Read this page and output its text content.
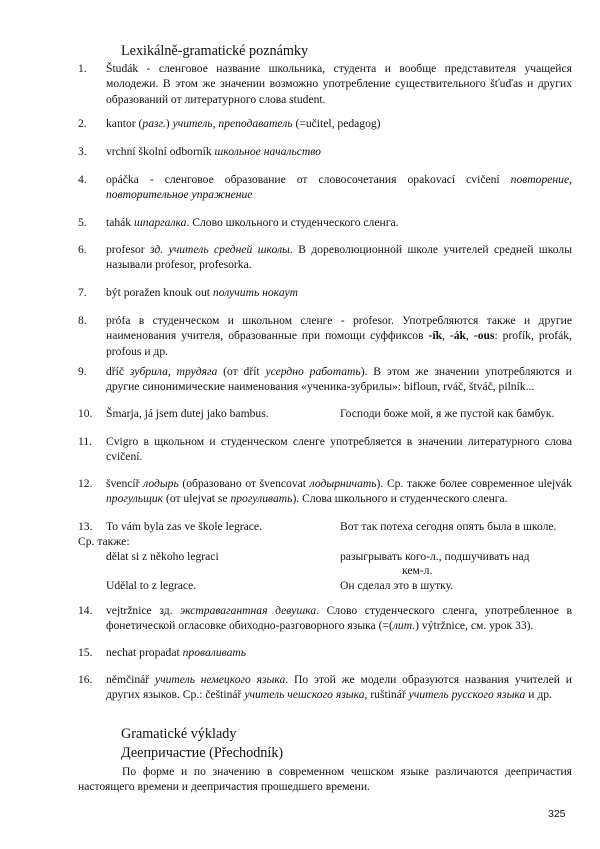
Lexikálně-gramatické poznámky
1. Študák - сленговое название школьника, студента и вообще представителя учащейся молодежи. В этом же значении возможно употребление существительного šťuďas и других образований от литературного слова student.
2. kantor (разг.) учитель, преподаватель (=učitel, pedagog)
3. vrchní školní odborník школьное начальство
4. opáčka - сленговое образование от словосочетания opakovací cvičení повторение, повторительное упражнение
5. tahák шпаргалка. Слово школьного и студенческого сленга.
6. profesor зд. учитель средней школы. В дореволюционной школе учителей средней школы называли profesor, profesorka.
7. být poražen knouk out получить нокаут
8. prófa в студенческом и школьном сленге - profesor. Употребляются также и другие наименования учителя, образованные при помощи суффиксов -ík, -ák, -ous: profík, profák, profous и др.
9. dříč зубрила, трудяга (от dřít усердно работать). В этом же значении употребляются и другие синонимические наименования «ученика-зубрилы»: bifloun, rváč, štváč, pilník...
11. Cvigro в щкольном и студенческом сленге употребляется в значении литературного слова cvičení.
12. švencíř лодырь (образовано от švencovat лодырничать). Ср. также более современное ulejvák прогульщик (от ulejvat se прогуливать). Слова школьного и студенческого сленга.
14. vejtržnice зд. экстравагантная девушка. Слово студенческого сленга, употребленное в фонетической огласовке обиходно-разговорного языка (=(лит.) výtržnice, см. урок 33).
15. nechat propadat проваливать
16. němčinář учитель немецкого языка. По этой же модели образуются названия учителей и других языков. Ср.: češtinář учитель чешского языка, ruštinář учитель русского языка и др.
10. Šmarja, já jsem dutej jako bambus.	Господи боже мой, я же пустой как бамбук.
13. To vám byla zas ve škole legrace.	Вот так потеха сегодня опять была в школе.
Ср. также:
dělat si z někoho legraci	разыгрывать кого-л., подшучивать над
кем-л.
Udělal to z legrace.	Он сделал это в шутку.
Gramatické výklady
Деепричастие (Přechodník)
По форме и по значению в современном чешском языке различаются деепричастия настоящего времени и деепричастия прошедшего времени.
325
